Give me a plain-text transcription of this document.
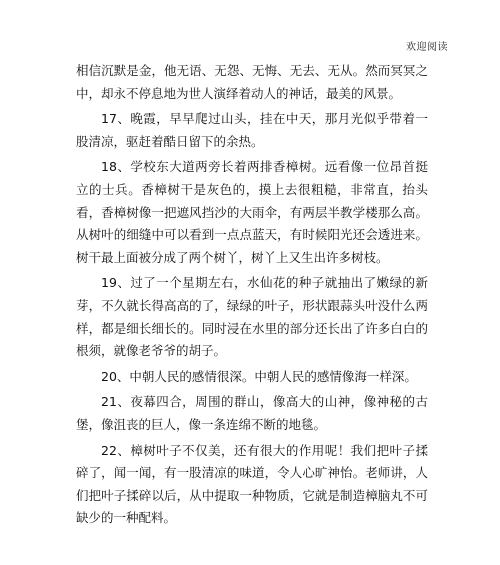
欢迎阅读

相信沉默是金，他无语、无怨、无悔、无去、无从。然而冥冥之中，却永不停息地为世人演绎着动人的神话，最美的风景。

17、晚霞，早早爬过山头，挂在中天，那月光似乎带着一股清凉，驱赶着酷日留下的余热。

18、学校东大道两旁长着两排香樟树。远看像一位昂首挺立的士兵。香樟树干是灰色的，摸上去很粗糙，非常直，抬头看，香樟树像一把遮风挡沙的大雨伞，有两层半教学楼那么高。从树叶的细缝中可以看到一点点蓝天，有时候阳光还会透进来。树干最上面被分成了两个树丫，树丫上又生出许多树枝。

19、过了一个星期左右，水仙花的种子就抽出了嫩绿的新芽，不久就长得高高的了，绿绿的叶子，形状跟蒜头叶没什么两样，都是细长细长的。同时浸在水里的部分还长出了许多白白的根须，就像老爷爷的胡子。

20、中朝人民的感情很深。中朝人民的感情像海一样深。

21、夜幕四合，周围的群山，像高大的山神，像神秘的古堡，像沮丧的巨人，像一条连绵不断的地毯。

22、樟树叶子不仅美，还有很大的作用呢！我们把叶子揉碎了，闻一闻，有一股清凉的味道，令人心旷神怡。老师讲，人们把叶子揉碎以后，从中提取一种物质，它就是制造樟脑丸不可缺少的一种配料。
